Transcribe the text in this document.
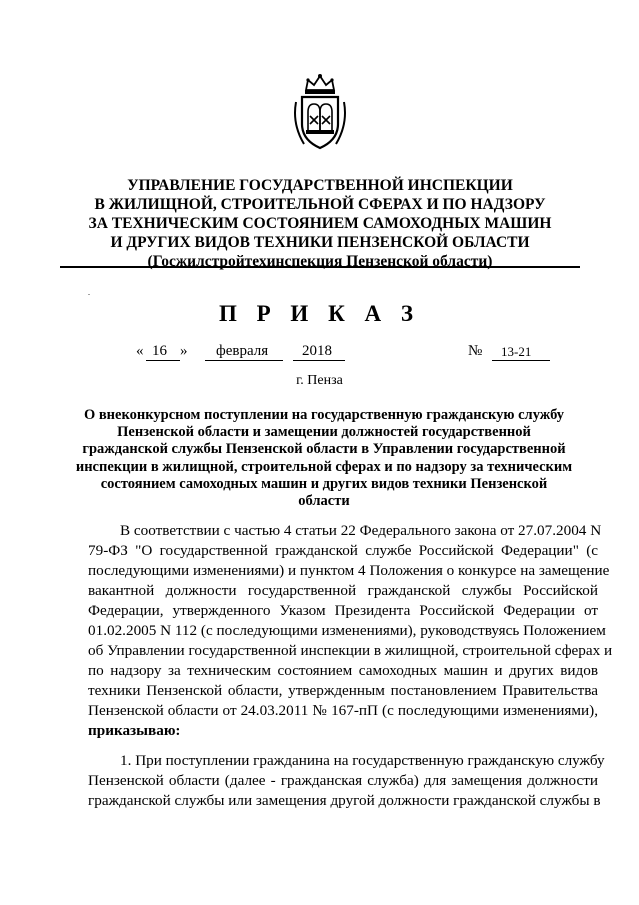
УПРАВЛЕНИЕ ГОСУДАРСТВЕННОЙ ИНСПЕКЦИИ
В ЖИЛИЩНОЙ, СТРОИТЕЛЬНОЙ СФЕРАХ И ПО НАДЗОРУ
ЗА ТЕХНИЧЕСКИМ СОСТОЯНИЕМ САМОХОДНЫХ МАШИН
И ДРУГИХ ВИДОВ ТЕХНИКИ ПЕНЗЕНСКОЙ ОБЛАСТИ
(Госжилстройтехинспекция Пензенской области)
.
П Р И К А З
« 16 » февраля 2018	№ 13-21
г. Пенза
О внеконкурсном поступлении на государственную гражданскую службу
Пензенской области и замещении должностей государственной
гражданской службы Пензенской области в Управлении государственной
инспекции в жилищной, строительной сферах и по надзору за техническим
состоянием самоходных машин и других видов техники Пензенской
области
В соответствии с частью 4 статьи 22 Федерального закона от 27.07.2004 N
79-ФЗ "О государственной гражданской службе Российской Федерации" (с
последующими изменениями) и пунктом 4 Положения о конкурсе на замещение
вакантной должности государственной гражданской службы Российской
Федерации, утвержденного Указом Президента Российской Федерации от
01.02.2005 N 112 (с последующими изменениями), руководствуясь Положением
об Управлении государственной инспекции в жилищной, строительной сферах и
по надзору за техническим состоянием самоходных машин и других видов
техники Пензенской области, утвержденным постановлением Правительства
Пензенской области от 24.03.2011 № 167-пП (с последующими изменениями),
приказываю:
1. При поступлении гражданина на государственную гражданскую службу
Пензенской области (далее - гражданская служба) для замещения должности
гражданской службы или замещения другой должности гражданской службы в
